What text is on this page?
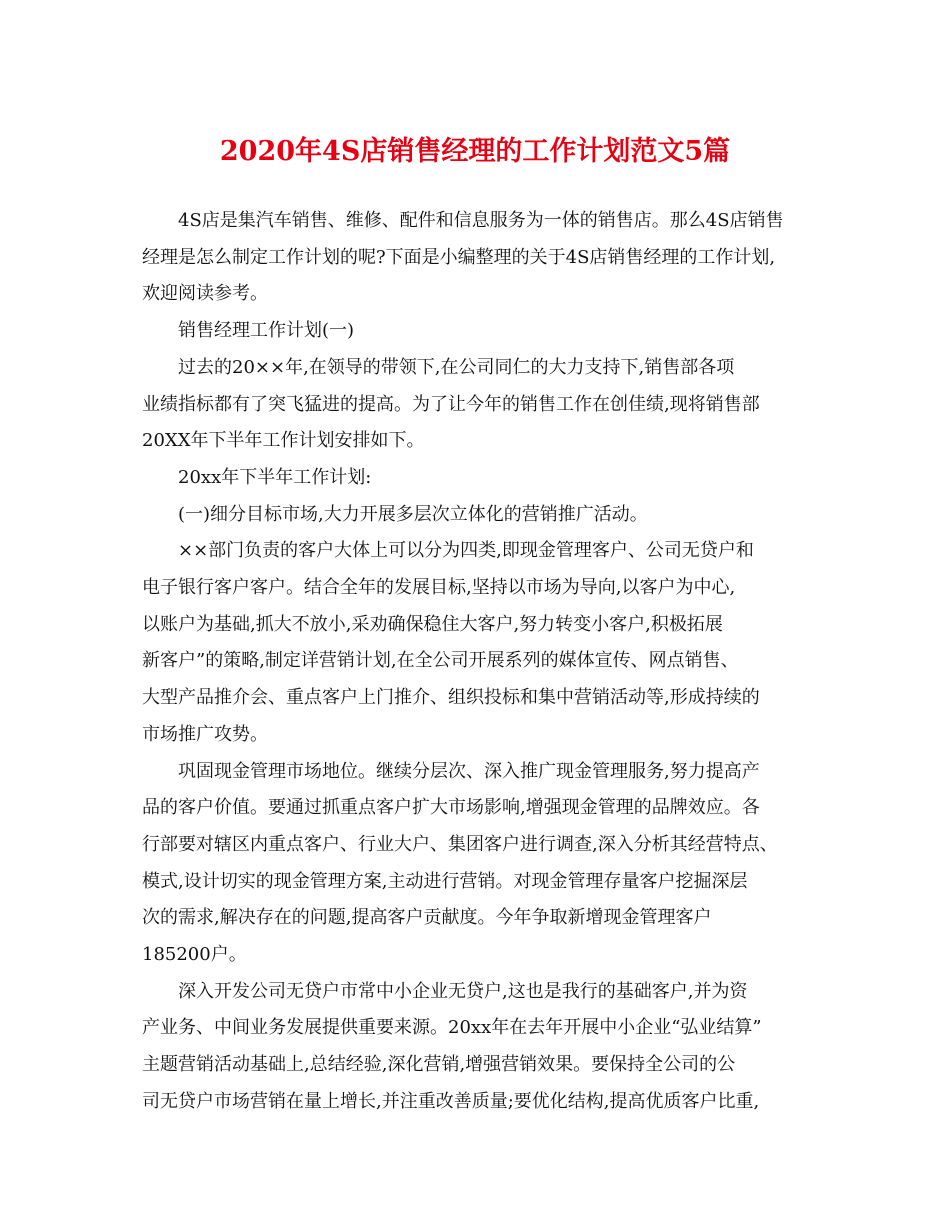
2020年4S店销售经理的工作计划范文5篇
4S店是集汽车销售、维修、配件和信息服务为一体的销售店。那么4S店销售
经理是怎么制定工作计划的呢?下面是小编整理的关于4S店销售经理的工作计划,
欢迎阅读参考。
销售经理工作计划(一)
过去的20××年,在领导的带领下,在公司同仁的大力支持下,销售部各项
业绩指标都有了突飞猛进的提高。为了让今年的销售工作在创佳绩,现将销售部
20XX年下半年工作计划安排如下。
20xx年下半年工作计划:
(一)细分目标市场,大力开展多层次立体化的营销推广活动。
××部门负责的客户大体上可以分为四类,即现金管理客户、公司无贷户和
电子银行客户客户。结合全年的发展目标,坚持以市场为导向,以客户为中心,
以账户为基础,抓大不放小,采劝确保稳住大客户,努力转变小客户,积极拓展
新客户”的策略,制定详营销计划,在全公司开展系列的媒体宣传、网点销售、
大型产品推介会、重点客户上门推介、组织投标和集中营销活动等,形成持续的
市场推广攻势。
巩固现金管理市场地位。继续分层次、深入推广现金管理服务,努力提高产
品的客户价值。要通过抓重点客户扩大市场影响,增强现金管理的品牌效应。各
行部要对辖区内重点客户、行业大户、集团客户进行调查,深入分析其经营特点、
模式,设计切实的现金管理方案,主动进行营销。对现金管理存量客户挖掘深层
次的需求,解决存在的问题,提高客户贡献度。今年争取新增现金管理客户
185200户。
深入开发公司无贷户市常中小企业无贷户,这也是我行的基础客户,并为资
产业务、中间业务发展提供重要来源。20xx年在去年开展中小企业“弘业结算”
主题营销活动基础上,总结经验,深化营销,增强营销效果。要保持全公司的公
司无贷户市场营销在量上增长,并注重改善质量;要优化结构,提高优质客户比重,
